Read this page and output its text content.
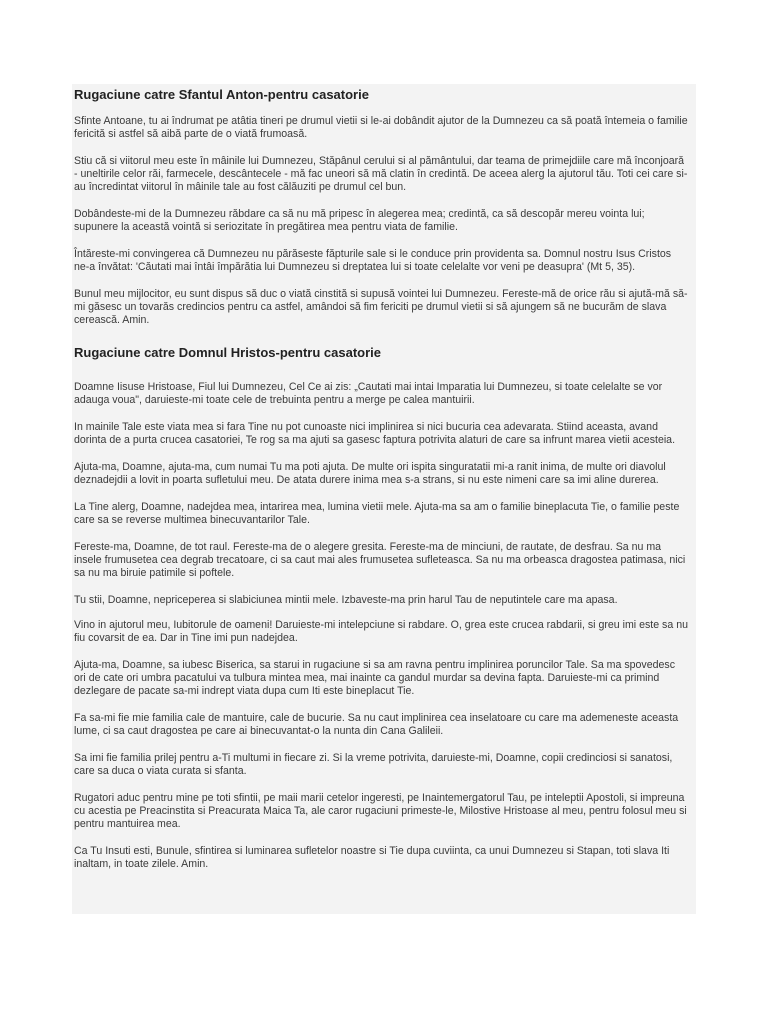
Rugaciune catre Sfantul Anton-pentru casatorie

Sfinte Antoane, tu ai îndrumat pe atâtia tineri pe drumul vietii si le-ai dobândit ajutor de la Dumnezeu ca să poată întemeia o familie fericită si astfel să aibă parte de o viată frumoasă.

Stiu că si viitorul meu este în mâinile lui Dumnezeu, Stăpânul cerului si al pământului, dar teama de primejdiile care mă înconjoară - uneltirile celor răi, farmecele, descântecele - mă fac uneori să mă clatin în credintă. De aceea alerg la ajutorul tău. Toti cei care si-au încredintat viitorul în mâinile tale au fost călăuziti pe drumul cel bun.

Dobândeste-mi de la Dumnezeu răbdare ca să nu mă pripesc în alegerea mea; credintă, ca să descopăr mereu vointa lui; supunere la această vointă si seriozitate în pregătirea mea pentru viata de familie.

Întăreste-mi convingerea că Dumnezeu nu părăseste făpturile sale si le conduce prin providenta sa. Domnul nostru Isus Cristos ne-a învătat: 'Căutati mai întâi împărătia lui Dumnezeu si dreptatea lui si toate celelalte vor veni pe deasupra' (Mt 5, 35).

Bunul meu mijlocitor, eu sunt dispus să duc o viată cinstită si supusă vointei lui Dumnezeu. Fereste-mă de orice rău si ajută-mă să-mi găsesc un tovarăs credincios pentru ca astfel, amândoi să fim fericiti pe drumul vietii si să ajungem să ne bucurăm de slava cerească. Amin.

Rugaciune catre Domnul Hristos-pentru casatorie

Doamne Iisuse Hristoase, Fiul lui Dumnezeu, Cel Ce ai zis: „Cautati mai intai Imparatia lui Dumnezeu, si toate celelalte se vor adauga voua", daruieste-mi toate cele de trebuinta pentru a merge pe calea mantuirii.

In mainile Tale este viata mea si fara Tine nu pot cunoaste nici implinirea si nici bucuria cea adevarata. Stiind aceasta, avand dorinta de a purta crucea casatoriei, Te rog sa ma ajuti sa gasesc faptura potrivita alaturi de care sa infrunt marea vietii acesteia.

Ajuta-ma, Doamne, ajuta-ma, cum numai Tu ma poti ajuta. De multe ori ispita singuratatii mi-a ranit inima, de multe ori diavolul deznadejdii a lovit in poarta sufletului meu. De atata durere inima mea s-a strans, si nu este nimeni care sa imi aline durerea.

La Tine alerg, Doamne, nadejdea mea, intarirea mea, lumina vietii mele. Ajuta-ma sa am o familie bineplacuta Tie, o familie peste care sa se reverse multimea binecuvantarilor Tale.

Fereste-ma, Doamne, de tot raul. Fereste-ma de o alegere gresita. Fereste-ma de minciuni, de rautate, de desfrau. Sa nu ma insele frumusetea cea degrab trecatoare, ci sa caut mai ales frumusetea sufleteasca. Sa nu ma orbeasca dragostea patimasa, nici sa nu ma biruie patimile si poftele.

Tu stii, Doamne, nepriceperea si slabiciunea mintii mele. Izbaveste-ma prin harul Tau de neputintele care ma apasa.

Vino in ajutorul meu, Iubitorule de oameni! Daruieste-mi intelepciune si rabdare. O, grea este crucea rabdarii, si greu imi este sa nu fiu covarsit de ea. Dar in Tine imi pun nadejdea.

Ajuta-ma, Doamne, sa iubesc Biserica, sa starui in rugaciune si sa am ravna pentru implinirea poruncilor Tale. Sa ma spovedesc ori de cate ori umbra pacatului va tulbura mintea mea, mai inainte ca gandul murdar sa devina fapta. Daruieste-mi ca primind dezlegare de pacate sa-mi indrept viata dupa cum Iti este bineplacut Tie.

Fa sa-mi fie mie familia cale de mantuire, cale de bucurie. Sa nu caut implinirea cea inselatoare cu care ma ademeneste aceasta lume, ci sa caut dragostea pe care ai binecuvantat-o la nunta din Cana Galileii.

Sa imi fie familia prilej pentru a-Ti multumi in fiecare zi. Si la vreme potrivita, daruieste-mi, Doamne, copii credinciosi si sanatosi, care sa duca o viata curata si sfanta.

Rugatori aduc pentru mine pe toti sfintii, pe maii marii cetelor ingeresti, pe Inaintemergatorul Tau, pe inteleptii Apostoli, si impreuna cu acestia pe Preacinstita si Preacurata Maica Ta, ale caror rugaciuni primeste-le, Milostive Hristoase al meu, pentru folosul meu si pentru mantuirea mea.

Ca Tu Insuti esti, Bunule, sfintirea si luminarea sufletelor noastre si Tie dupa cuviinta, ca unui Dumnezeu si Stapan, toti slava Iti inaltam, in toate zilele. Amin.
